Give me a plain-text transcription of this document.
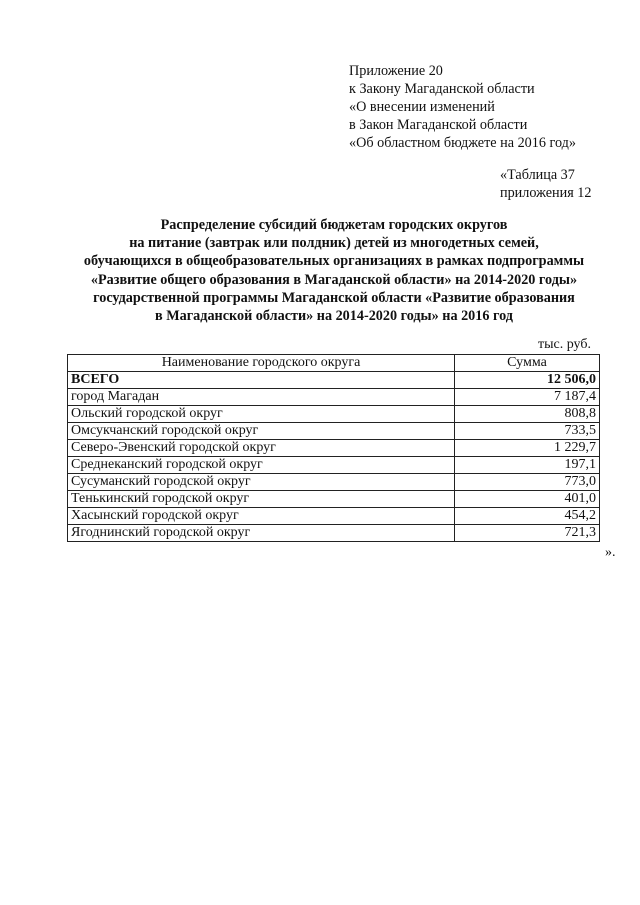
Приложение 20
к Закону Магаданской области
«О внесении изменений
в Закон Магаданской области
«Об областном бюджете на 2016 год»
«Таблица 37
приложения 12
Распределение субсидий бюджетам городских округов
на питание (завтрак или полдник) детей из многодетных семей,
обучающихся в общеобразовательных организациях в рамках подпрограммы
«Развитие общего образования в Магаданской области» на 2014-2020 годы»
государственной программы Магаданской области «Развитие образования
в Магаданской области» на 2014-2020 годы» на 2016 год
тыс. руб.
Наименование городского округа	Сумма
ВСЕГО	12 506,0
город Магадан	7 187,4
Ольский городской округ	808,8
Омсукчанский городской округ	733,5
Северо-Эвенский городской округ	1 229,7
Среднеканский городской округ	197,1
Сусуманский городской округ	773,0
Тенькинский городской округ	401,0
Хасынский городской округ	454,2
Ягоднинский городской округ	721,3
».
